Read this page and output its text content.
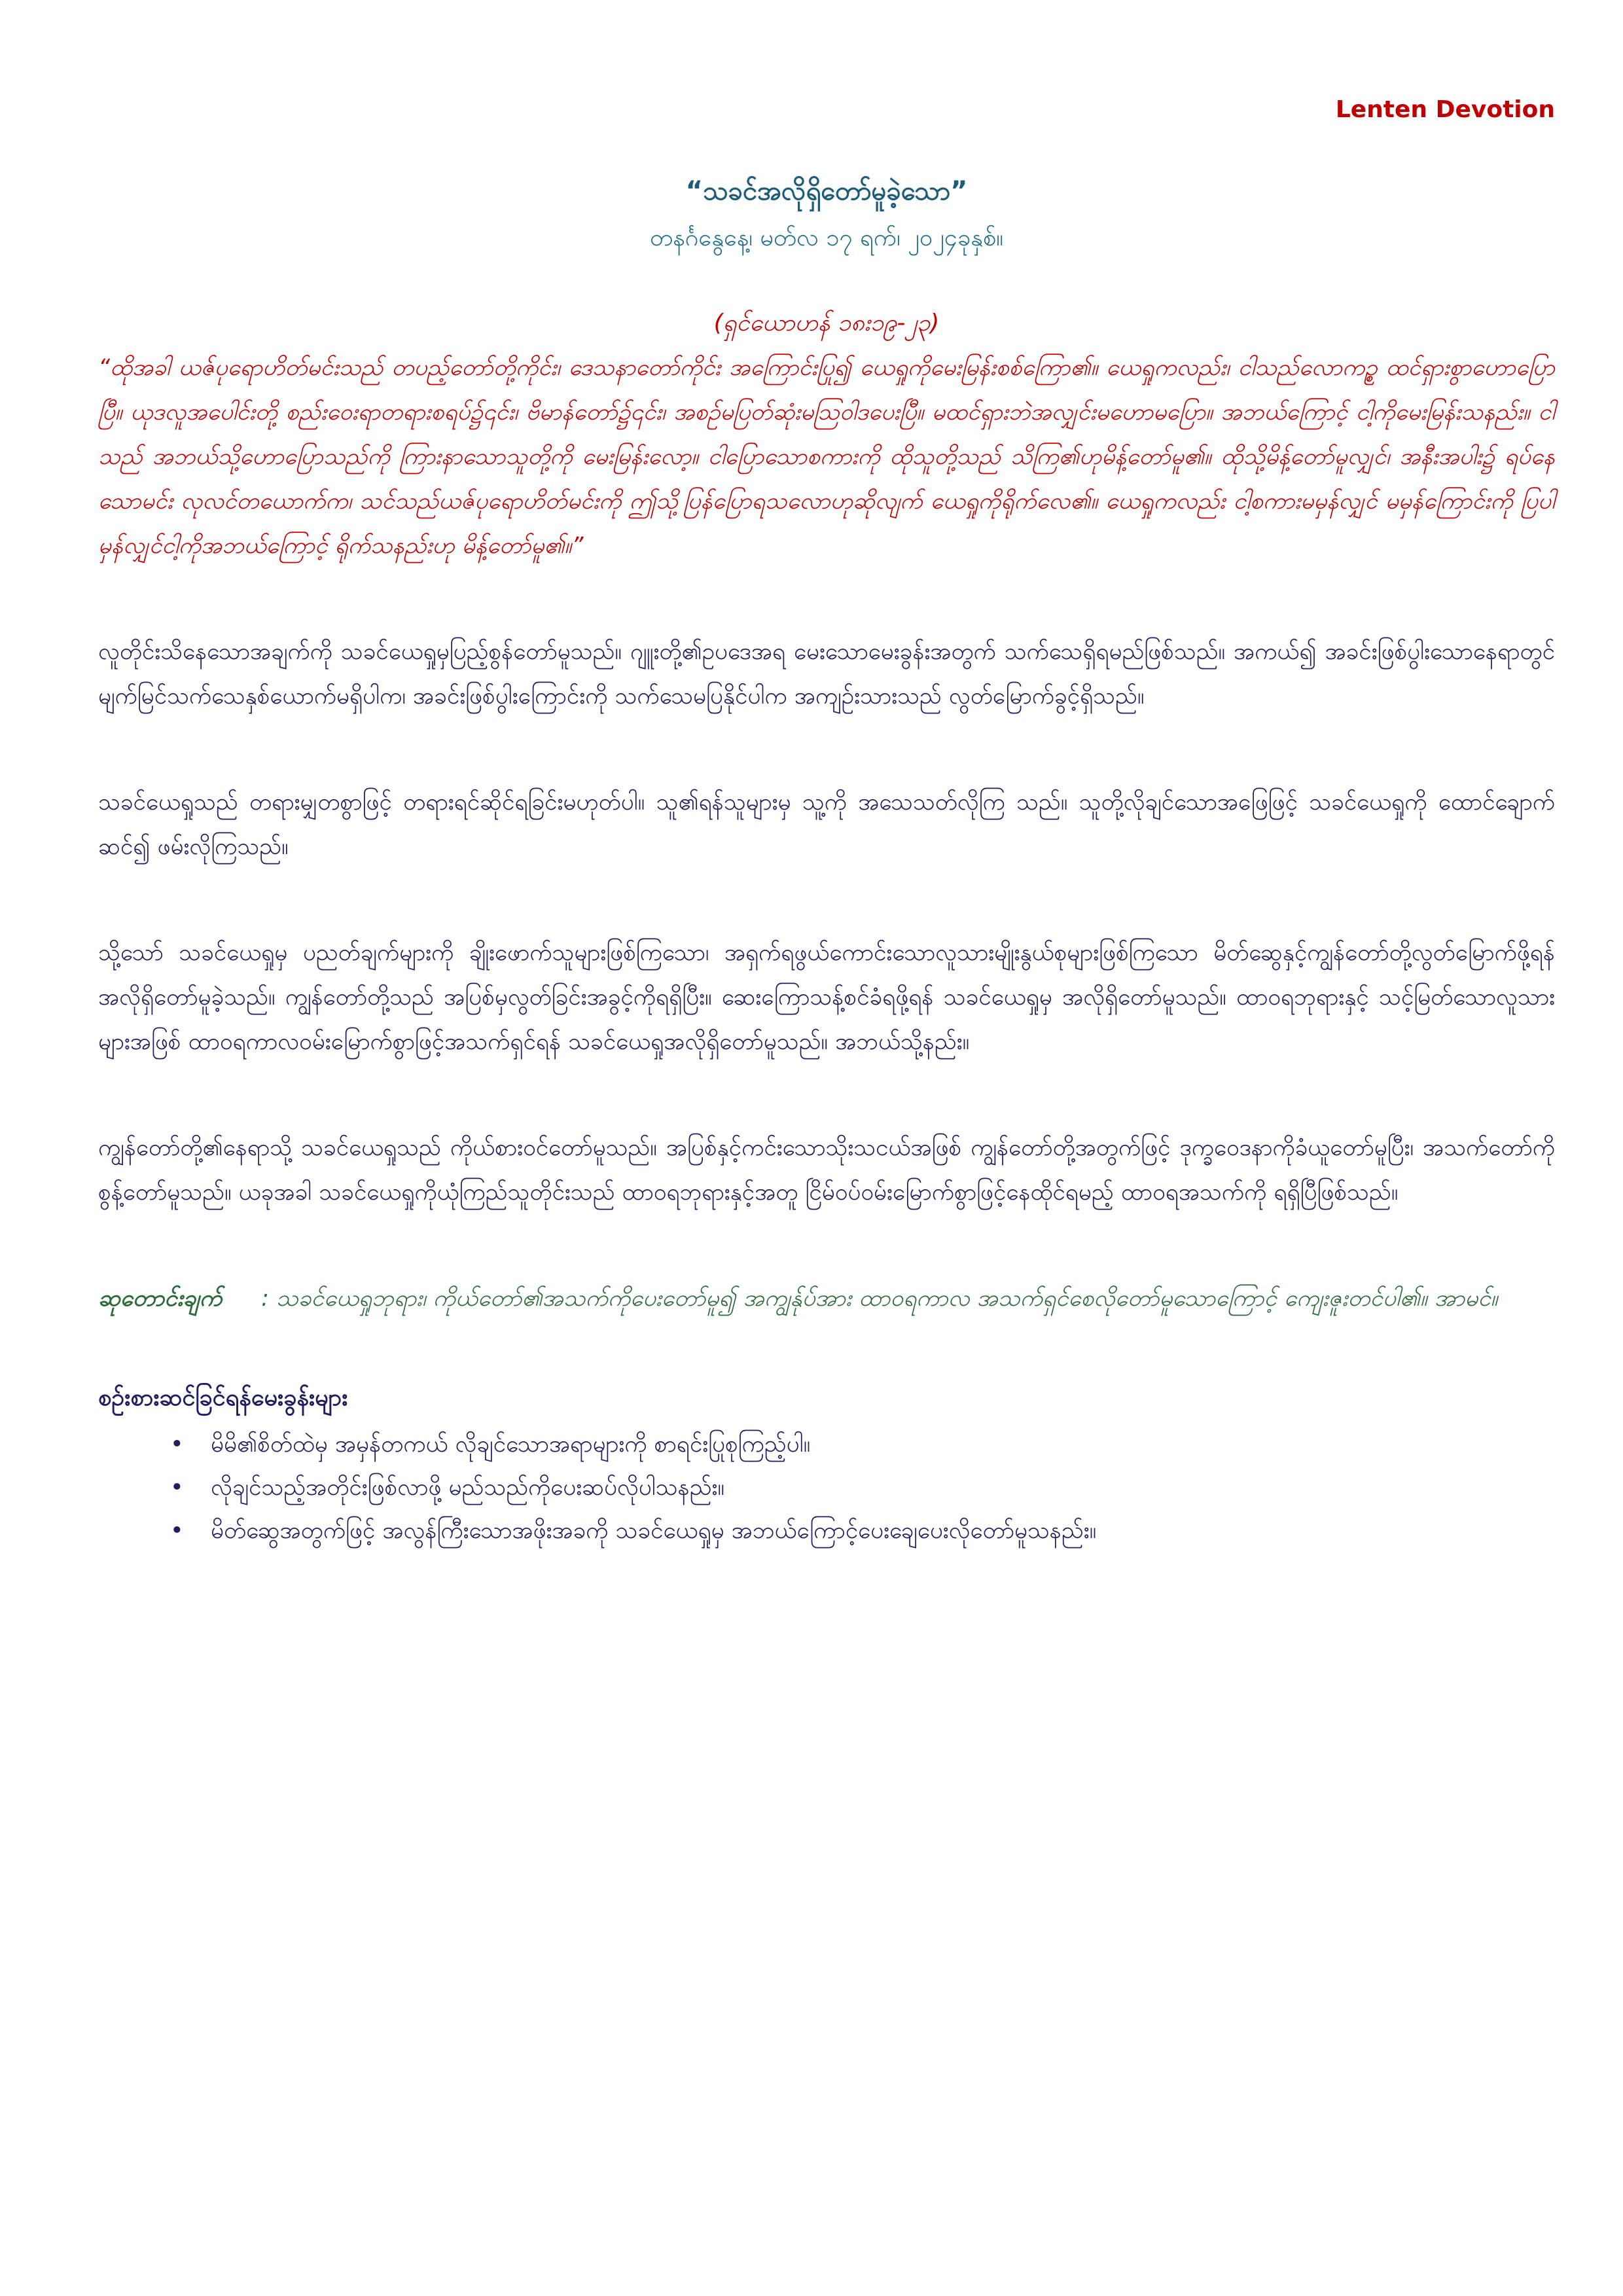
Lenten Devotion

“သခင်အလိုရှိတော်မူခဲ့သော”

တနင်္ဂနွေနေ့၊ မတ်လ ၁၇ ရက်၊ ၂၀၂၄ခုနှစ်။

(ရှင်ယောဟန် ၁၈း၁၉-၂၃)

“ထိုအခါ ယဇ်ပုရောဟိတ်မင်းသည် တပည့်တော်တို့ကိုင်း၊ ဒေသနာတော်ကိုင်း အကြောင်းပြု၍ ယေရှုကိုမေးမြန်းစစ်ကြော၏။ ယေရှုကလည်း၊ ငါသည်လောကဥ္စ ထင်ရှားစွာဟောပြောပြီ။ ယုဒလူအပေါင်းတို့ စည်းဝေးရာတရားစရပ်၌၎င်း၊ ဗိမာန်တော်၌၎င်း၊ အစဉ်မပြတ်ဆုံးမသြဝါဒပေးပြီ။ မထင်ရှားဘဲအလျှင်းမဟောမပြော။ အဘယ်ကြောင့် ငါ့ကိုမေးမြန်းသနည်း။ ငါသည် အဘယ်သို့ဟောပြောသည်ကို ကြားနာသောသူတို့ကို မေးမြန်းလော့။ ငါပြောသောစကားကို ထိုသူတို့သည် သိကြ၏ဟုမိန့်တော်မူ၏။ ထိုသို့မိန့်တော်မူလျှင်၊ အနီးအပါး၌ ရပ်နေသောမင်း လုလင်တယောက်က၊ သင်သည်ယဇ်ပုရောဟိတ်မင်းကို ဤသို့ပြန်ပြောရသလောဟုဆိုလျက် ယေရှုကိုရိုက်လေ၏။ ယေရှုကလည်း ငါ့စကားမမှန်လျှင် မမှန်ကြောင်းကို ပြပါ မှန်လျှင်ငါ့ကိုအဘယ်ကြောင့် ရိုက်သနည်းဟု မိန့်တော်မူ၏။”

လူတိုင်းသိနေသောအချက်ကို သခင်ယေရှုမှပြည့်စွန်တော်မူသည်။ ဂျူးတို့၏ဥပဒေအရ မေးသောမေးခွန်းအတွက် သက်သေရှိရမည်ဖြစ်သည်။ အကယ်၍ အခင်းဖြစ်ပွါးသောနေရာတွင် မျက်မြင်သက်သေနှစ်ယောက်မရှိပါက၊ အခင်းဖြစ်ပွါးကြောင်းကို သက်သေမပြနိုင်ပါက အကျဉ်းသားသည် လွတ်မြောက်ခွင့်ရှိသည်။

သခင်ယေရှုသည် တရားမျှတစွာဖြင့် တရားရင်ဆိုင်ရခြင်းမဟုတ်ပါ။ သူ၏ရန်သူများမှ သူ့ကို အသေသတ်လိုကြ သည်။ သူတို့လိုချင်သောအဖြေဖြင့် သခင်ယေရှုကို ထောင်ချောက်ဆင်၍ ဖမ်းလိုကြသည်။

သို့သော် သခင်ယေရှုမှ ပညတ်ချက်များကို ချိုးဖောက်သူများဖြစ်ကြသော၊ အရှက်ရဖွယ်ကောင်းသောလူသားမျိုးနွယ်စုများဖြစ်ကြသော မိတ်ဆွေနှင့်ကျွန်တော်တို့လွတ်မြောက်ဖို့ရန် အလိုရှိတော်မူခဲ့သည်။ ကျွန်တော်တို့သည် အပြစ်မှလွတ်ခြင်းအခွင့်ကိုရရှိပြီး။ ဆေးကြောသန့်စင်ခံရဖို့ရန် သခင်ယေရှုမှ အလိုရှိတော်မူသည်။ ထာဝရဘုရားနှင့် သင့်မြတ်သောလူသားများအဖြစ် ထာဝရကာလဝမ်းမြောက်စွာဖြင့်အသက်ရှင်ရန် သခင်ယေရှုအလိုရှိတော်မူသည်။ အဘယ်သို့နည်း။

ကျွန်တော်တို့၏နေရာသို့ သခင်ယေရှုသည် ကိုယ်စားဝင်တော်မူသည်။ အပြစ်နှင့်ကင်းသောသိုးသငယ်အဖြစ် ကျွန်တော်တို့အတွက်ဖြင့် ဒုက္ခဝေဒနာကိုခံယူတော်မူပြီး၊ အသက်တော်ကိုစွန့်တော်မူသည်။ ယခုအခါ သခင်ယေရှုကိုယုံကြည်သူတိုင်းသည် ထာဝရဘုရားနှင့်အတူ ငြိမ်ဝပ်ဝမ်းမြောက်စွာဖြင့်နေထိုင်ရမည့် ထာဝရအသက်ကို ရရှိပြီဖြစ်သည်။

ဆုတောင်းချက် : သခင်ယေရှုဘုရား၊ ကိုယ်တော်၏အသက်ကိုပေးတော်မူ၍ အကျွန်ုပ်အား ထာဝရကာလ အသက်ရှင်စေလိုတော်မူသောကြောင့် ကျေးဇူးတင်ပါ၏။ အာမင်။

စဉ်းစားဆင်ခြင်ရန်မေးခွန်းများ
• မိမိ၏စိတ်ထဲမှ အမှန်တကယ် လိုချင်သောအရာများကို စာရင်းပြုစုကြည့်ပါ။
• လိုချင်သည့်အတိုင်းဖြစ်လာဖို့ မည်သည်ကိုပေးဆပ်လိုပါသနည်း။
• မိတ်ဆွေအတွက်ဖြင့် အလွန်ကြီးသောအဖိုးအခကို သခင်ယေရှုမှ အဘယ်ကြောင့်ပေးချေပေးလိုတော်မူသနည်း။
